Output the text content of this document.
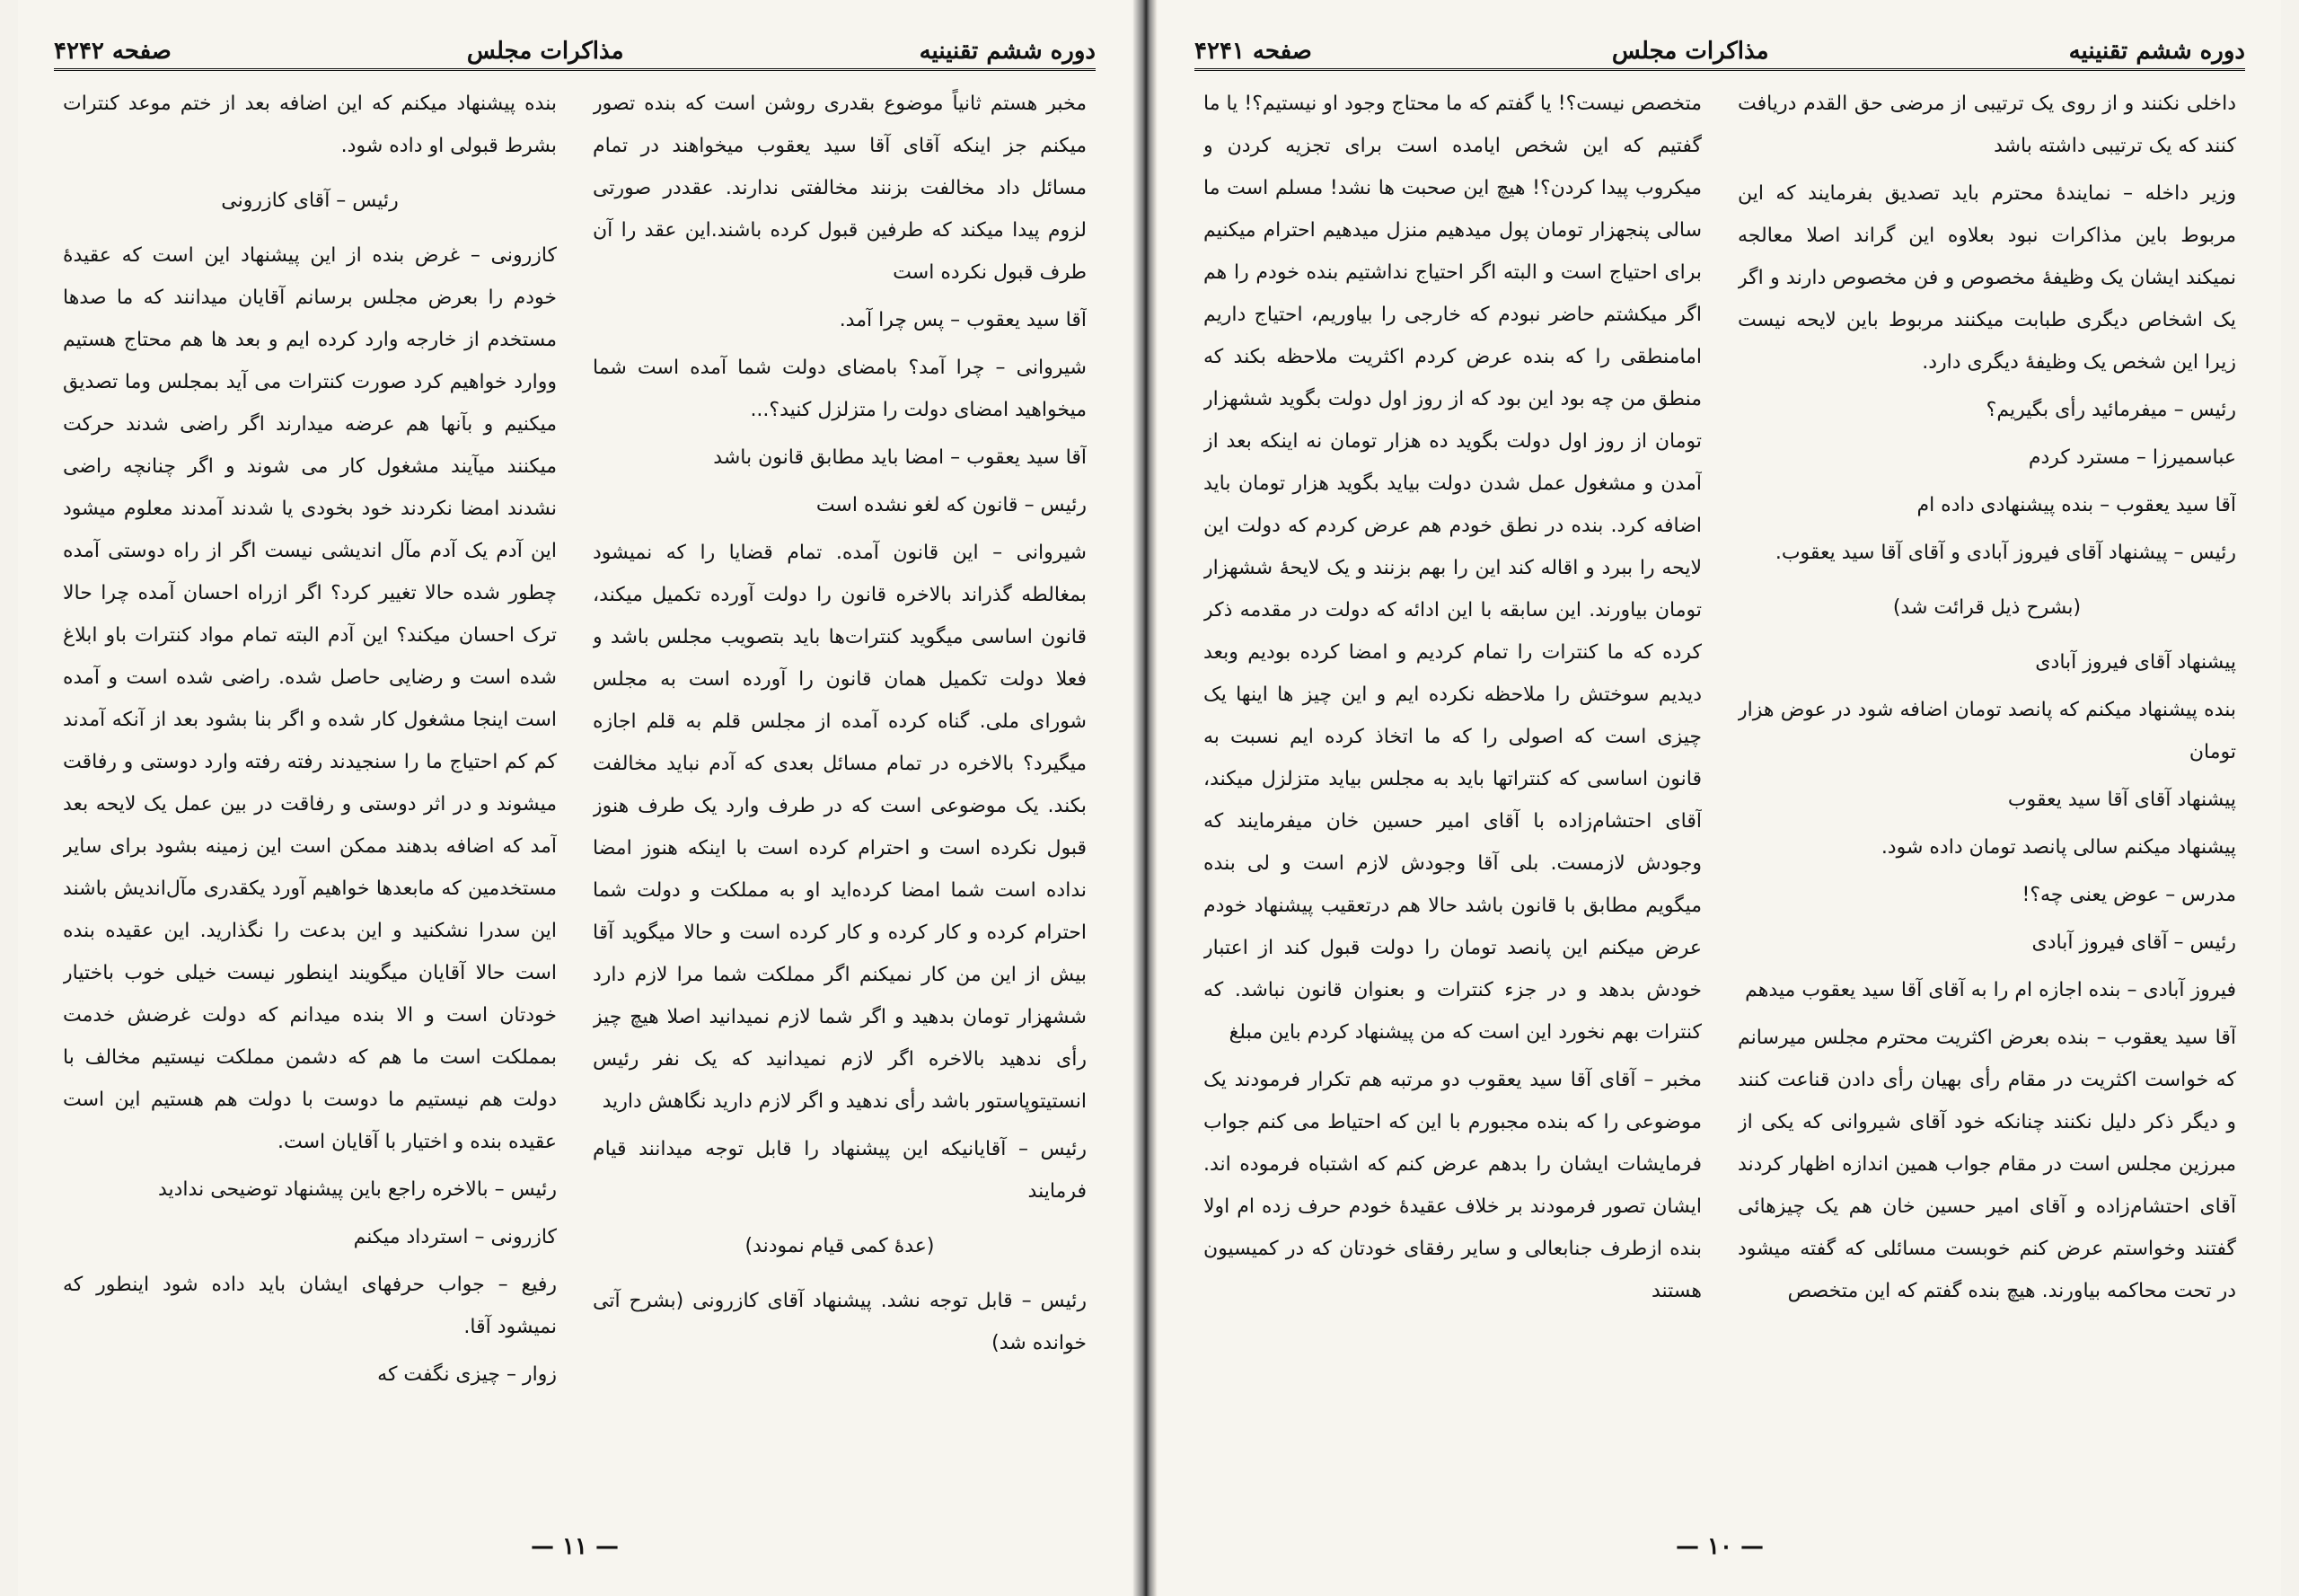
دوره ششم تقنینیه
مذاکرات مجلس
صفحه ۴۲۴۲

مخبر هستم ثانیاً موضوع بقدری روشن است که بنده تصور میکنم جز اینکه آقای آقا سید یعقوب میخواهند در تمام مسائل داد مخالفت بزنند مخالفتی ندارند. عقددر صورتی لزوم پیدا میکند که طرفین قبول کرده باشند.این عقد را آن طرف قبول نکرده است

آقا سید یعقوب – پس چرا آمد.

شیروانی – چرا آمد؟ بامضای دولت شما آمده است شما میخواهید امضای دولت را متزلزل کنید؟...

آقا سید یعقوب – امضا باید مطابق قانون باشد

رئیس – قانون که لغو نشده است

شیروانی – این قانون آمده. تمام قضایا را که نمیشود بمغالطه گذراند بالاخره قانون را دولت آورده تکمیل میکند، قانون اساسی میگوید کنترات‌ها باید بتصویب مجلس باشد و فعلا دولت تکمیل همان قانون را آورده است به مجلس شورای ملی. گناه کرده آمده از مجلس قلم به قلم اجازه میگیرد؟ بالاخره در تمام مسائل بعدی که آدم نباید مخالفت بکند. یک موضوعی است که در طرف وارد یک طرف هنوز قبول نکرده است و احترام کرده است با اینکه هنوز امضا نداده است شما امضا کرده‌اید او به مملکت و دولت شما احترام کرده و کار کرده و کار کرده است و حالا میگوید آقا بیش از این من کار نمیکنم اگر مملکت شما مرا لازم دارد ششهزار تومان بدهید و اگر شما لازم نمیدانید اصلا هیچ چیز رأی ندهید بالاخره اگر لازم نمیدانید که یک نفر رئیس انستیتوپاستور باشد رأی ندهید و اگر لازم دارید نگاهش دارید

رئیس – آقایانیکه این پیشنهاد را قابل توجه میدانند قیام فرمایند

(عدهٔ کمی قیام نمودند)

رئیس – قابل توجه نشد. پیشنهاد آقای کازرونی (بشرح آتی خوانده شد)

بنده پیشنهاد میکنم که این اضافه بعد از ختم موعد کنترات بشرط قبولی او داده شود.

رئیس – آقای کازرونی

کازرونی – غرض بنده از این پیشنهاد این است که عقیدهٔ خودم را بعرض مجلس برسانم آقایان میدانند که ما صدها مستخدم از خارجه وارد کرده ایم و بعد ها هم محتاج هستیم ووارد خواهیم کرد صورت کنترات می آید بمجلس وما تصدیق میکنیم و بآنها هم عرضه میدارند اگر راضی شدند حرکت میکنند میآیند مشغول کار می شوند و اگر چنانچه راضی نشدند امضا نکردند خود بخودی یا شدند آمدند معلوم میشود این آدم یک آدم مآل اندیشی نیست اگر از راه دوستی آمده چطور شده حالا تغییر کرد؟ اگر ازراه احسان آمده چرا حالا ترک احسان میکند؟ این آدم البته تمام مواد کنترات باو ابلاغ شده است و رضایی حاصل شده. راضی شده است و آمده است اینجا مشغول کار شده و اگر بنا بشود بعد از آنکه آمدند کم کم احتیاج ما را سنجیدند رفته رفته وارد دوستی و رفاقت میشوند و در اثر دوستی و رفاقت در بین عمل یک لایحه بعد آمد که اضافه بدهند ممکن است این زمینه بشود برای سایر مستخدمین که مابعدها خواهیم آورد یکقدری مآل‌اندیش باشند این سدرا نشکنید و این بدعت را نگذارید. این عقیده بنده است حالا آقایان میگویند اینطور نیست خیلی خوب باختیار خودتان است و الا بنده میدانم که دولت غرضش خدمت بمملکت است ما هم که دشمن مملکت نیستیم مخالف با دولت هم نیستیم ما دوست با دولت هم هستیم این است عقیده بنده و اختیار با آقایان است.

رئیس – بالاخره راجع باین پیشنهاد توضیحی ندادید

کازرونی – استرداد میکنم

رفیع – جواب حرفهای ایشان باید داده شود اینطور که نمیشود آقا.

زوار – چیزی نگفت که

— ۱۱ —
دوره ششم تقنینیه
مذاکرات مجلس
صفحه ۴۲۴۱

داخلی نکنند و از روی یک ترتیبی از مرضی حق القدم دریافت کنند که یک ترتیبی داشته باشد

وزیر داخله – نمایندهٔ محترم باید تصدیق بفرمایند که این مربوط باین مذاکرات نبود بعلاوه این گراند اصلا معالجه نمیکند ایشان یک وظیفهٔ مخصوص و فن مخصوص دارند و اگر یک اشخاص دیگری طبابت میکنند مربوط باین لایحه نیست زیرا این شخص یک وظیفهٔ دیگری دارد.

رئیس – میفرمائید رأی بگیریم؟

عباسمیرزا – مسترد کردم

آقا سید یعقوب – بنده پیشنهادی داده ام

رئیس – پیشنهاد آقای فیروز آبادی و آقای آقا سید یعقوب.

(بشرح ذیل قرائت شد)

پیشنهاد آقای فیروز آبادی

بنده پیشنهاد میکنم که پانصد تومان اضافه شود در عوض هزار تومان

پیشنهاد آقای آقا سید یعقوب

پیشنهاد میکنم سالی پانصد تومان داده شود.

مدرس – عوض یعنی چه؟!

رئیس – آقای فیروز آبادی

فیروز آبادی – بنده اجازه ام را به آقای آقا سید یعقوب میدهم

آقا سید یعقوب – بنده بعرض اکثریت محترم مجلس میرسانم که خواست اکثریت در مقام رأی بهیان رأی دادن قناعت کنند و دیگر ذکر دلیل نکنند چنانکه خود آقای شیروانی که یکی از مبرزین مجلس است در مقام جواب همین اندازه اظهار کردند آقای احتشام‌زاده و آقای امیر حسین خان هم یک چیزهائی گفتند وخواستم عرض کنم خوبست مسائلی که گفته میشود در تحت محاکمه بیاورند. هیچ بنده گفتم که این متخصص

متخصص نیست؟! یا گفتم که ما محتاج وجود او نیستیم؟! یا ما گفتیم که این شخص ایامده است برای تجزیه کردن و میکروب پیدا کردن؟! هیچ این صحبت ها نشد! مسلم است ما سالی پنجهزار تومان پول میدهیم منزل میدهیم احترام میکنیم برای احتیاج است و البته اگر احتیاج نداشتیم بنده خودم را هم اگر میکشتم حاضر نبودم که خارجی را بیاوریم، احتیاج داریم امامنطقی را که بنده عرض کردم اکثریت ملاحظه بکند که منطق من چه بود این بود که از روز اول دولت بگوید ششهزار تومان از روز اول دولت بگوید ده هزار تومان نه اینکه بعد از آمدن و مشغول عمل شدن دولت بیاید بگوید هزار تومان باید اضافه کرد. بنده در نطق خودم هم عرض کردم که دولت این لایحه را ببرد و اقاله کند این را بهم بزنند و یک لایحهٔ ششهزار تومان بیاورند. این سابقه با این ادائه که دولت در مقدمه ذکر کرده که ما کنترات را تمام کردیم و امضا کرده بودیم وبعد دیدیم سوختش را ملاحظه نکرده ایم و این چیز ها اینها یک چیزی است که اصولی را که ما اتخاذ کرده ایم نسبت به قانون اساسی که کنتراتها باید به مجلس بیاید متزلزل میکند، آقای احتشام‌زاده با آقای امیر حسین خان میفرمایند که وجودش لازمست. بلی آقا وجودش لازم است و لی بنده میگویم مطابق با قانون باشد حالا هم درتعقیب پیشنهاد خودم عرض میکنم این پانصد تومان را دولت قبول کند از اعتبار خودش بدهد و در جزء کنترات و بعنوان قانون نباشد. که کنترات بهم نخورد این است که من پیشنهاد کردم باین مبلغ

مخبر – آقای آقا سید یعقوب دو مرتبه هم تکرار فرمودند یک موضوعی را که بنده مجبورم با این که احتیاط می کنم جواب فرمایشات ایشان را بدهم عرض کنم که اشتباه فرموده اند. ایشان تصور فرمودند بر خلاف عقیدهٔ خودم حرف زده ام اولا بنده ازطرف جنابعالی و سایر رفقای خودتان که در کمیسیون هستند

— ۱۰ —
